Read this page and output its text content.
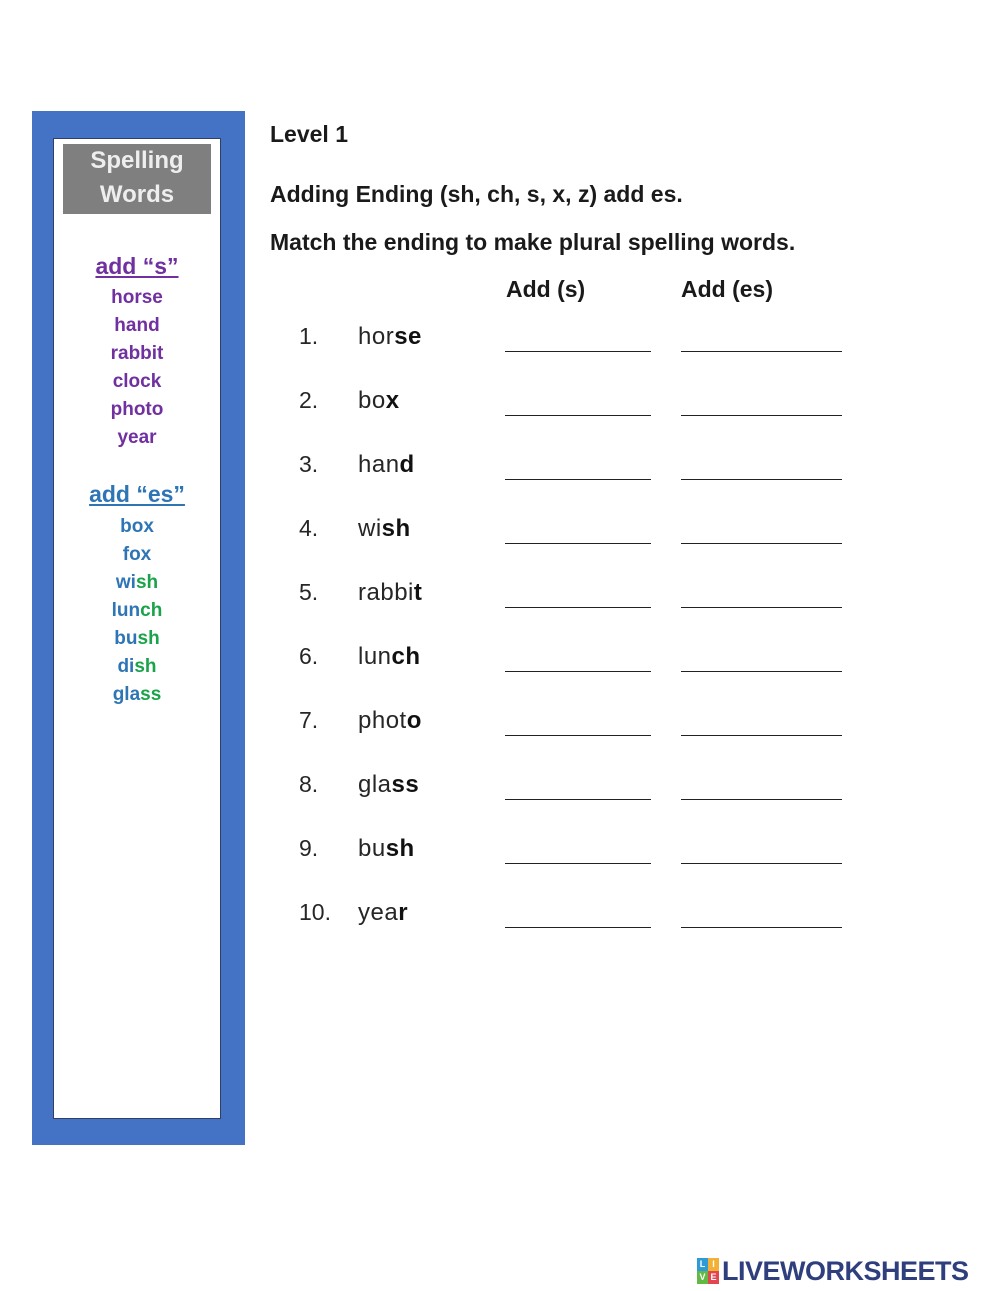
Spelling
Words
add “s”
horse
hand
rabbit
clock
photo
year
add “es”
box
fox
wish
lunch
bush
dish
glass
Level 1
Adding Ending (sh, ch, s, x, z) add es.
Match the ending to make plural spelling words.
Add (s)	Add (es)
1. horse
2. box
3. hand
4. wish
5. rabbit
6. lunch
7. photo
8. glass
9. bush
10. year
L I
V E LIVEWORKSHEETS
